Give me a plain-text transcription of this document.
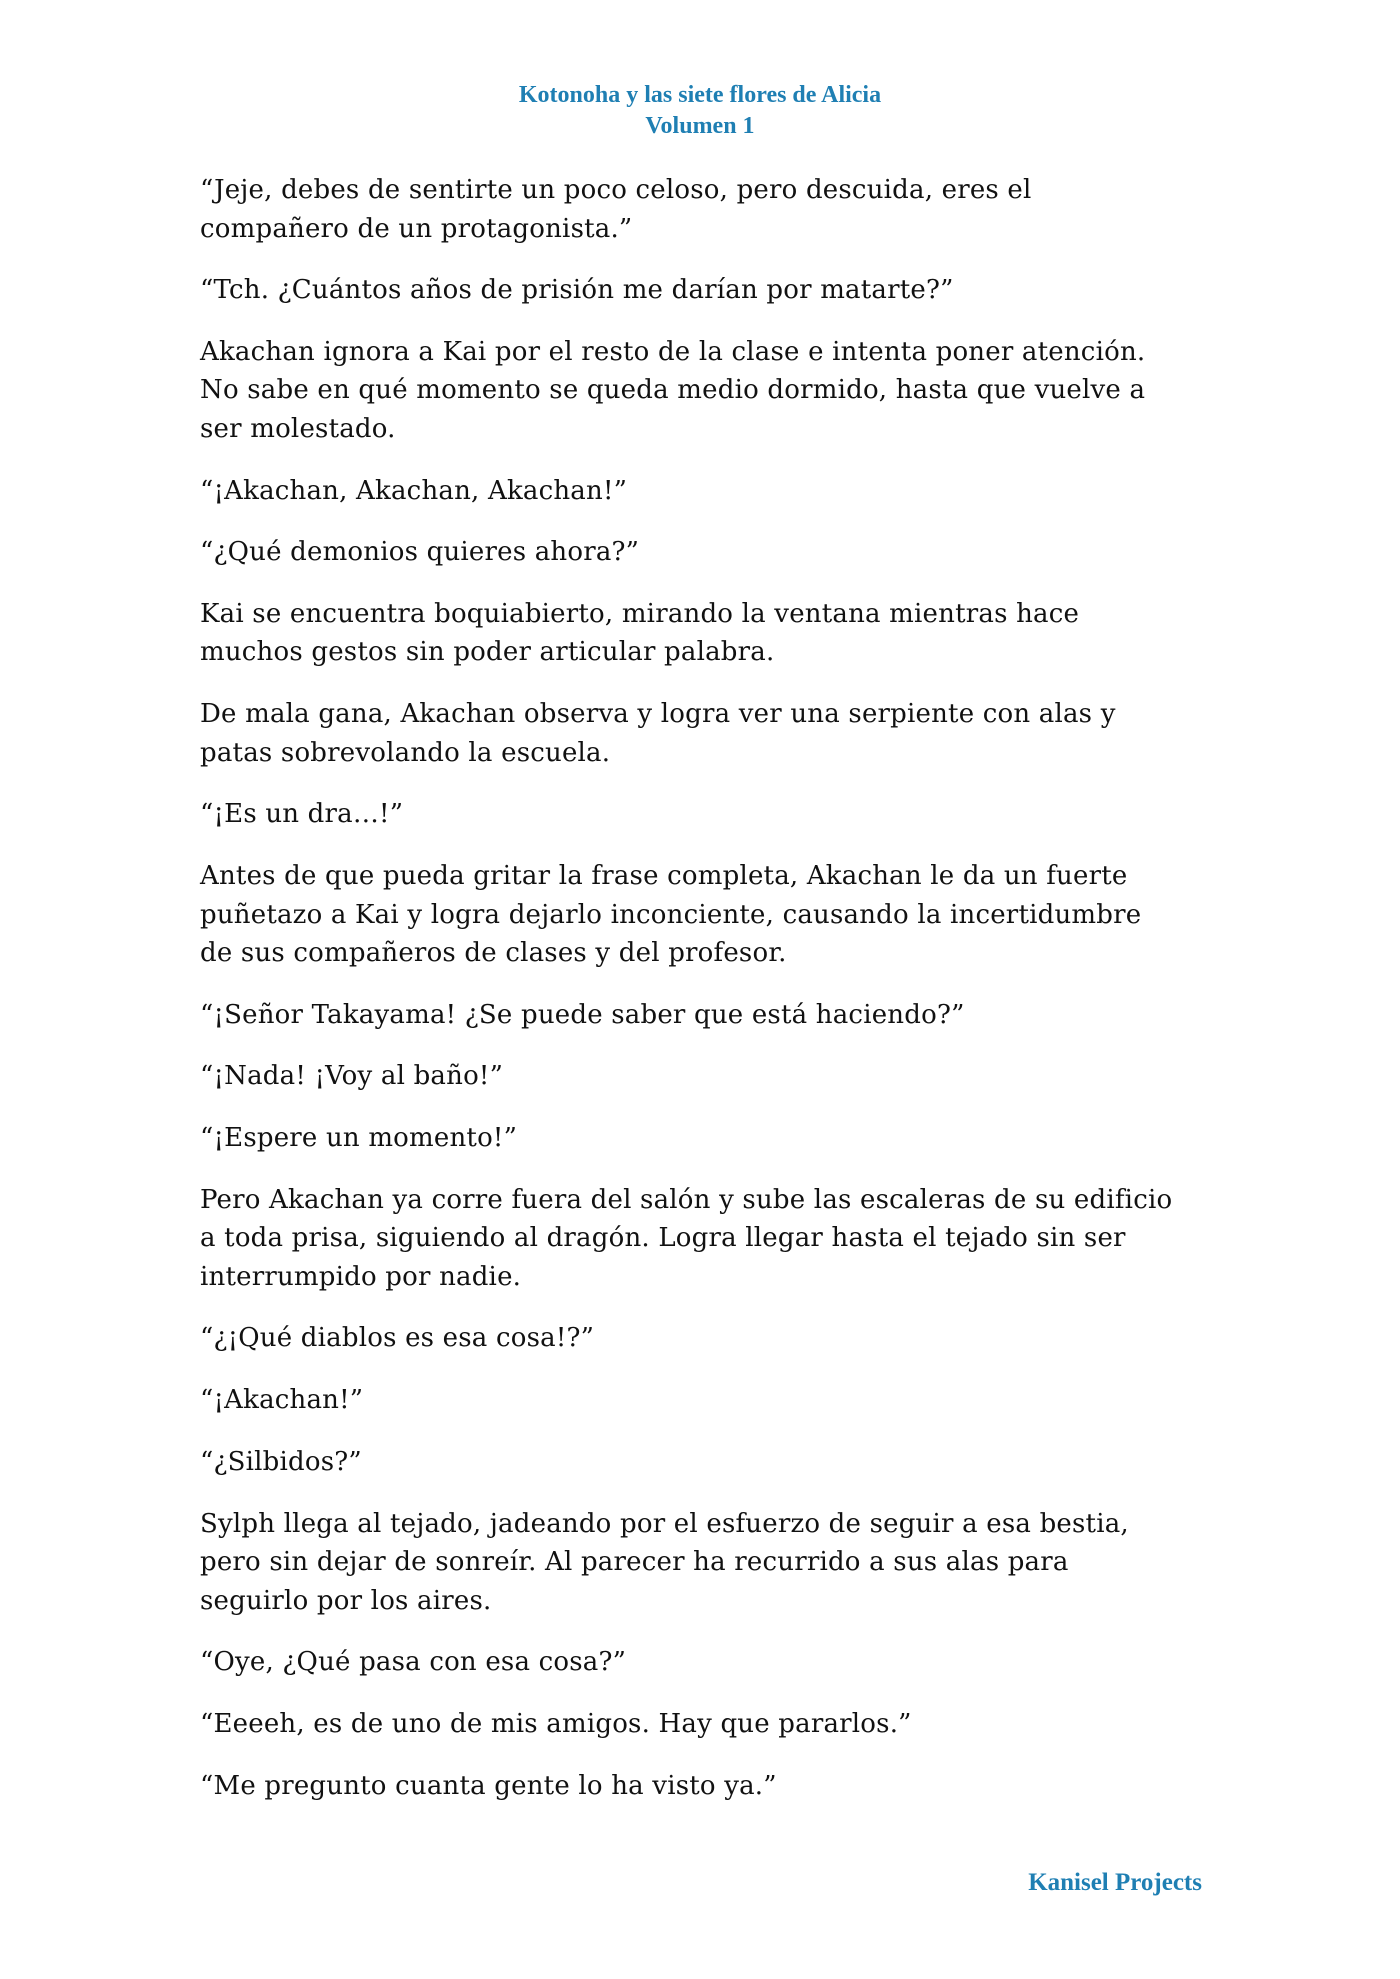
Kotonoha y las siete flores de Alicia
Volumen 1

“Jeje, debes de sentirte un poco celoso, pero descuida, eres el
compañero de un protagonista.”

“Tch. ¿Cuántos años de prisión me darían por matarte?”

Akachan ignora a Kai por el resto de la clase e intenta poner atención.
No sabe en qué momento se queda medio dormido, hasta que vuelve a
ser molestado.

“¡Akachan, Akachan, Akachan!”

“¿Qué demonios quieres ahora?”

Kai se encuentra boquiabierto, mirando la ventana mientras hace
muchos gestos sin poder articular palabra.

De mala gana, Akachan observa y logra ver una serpiente con alas y
patas sobrevolando la escuela.

“¡Es un dra…!”

Antes de que pueda gritar la frase completa, Akachan le da un fuerte
puñetazo a Kai y logra dejarlo inconciente, causando la incertidumbre
de sus compañeros de clases y del profesor.

“¡Señor Takayama! ¿Se puede saber que está haciendo?”

“¡Nada! ¡Voy al baño!”

“¡Espere un momento!”

Pero Akachan ya corre fuera del salón y sube las escaleras de su edificio
a toda prisa, siguiendo al dragón. Logra llegar hasta el tejado sin ser
interrumpido por nadie.

“¿¡Qué diablos es esa cosa!?”

“¡Akachan!”

“¿Silbidos?”

Sylph llega al tejado, jadeando por el esfuerzo de seguir a esa bestia,
pero sin dejar de sonreír. Al parecer ha recurrido a sus alas para
seguirlo por los aires.

“Oye, ¿Qué pasa con esa cosa?”

“Eeeeh, es de uno de mis amigos. Hay que pararlos.”

“Me pregunto cuanta gente lo ha visto ya.”

Kanisel Projects
